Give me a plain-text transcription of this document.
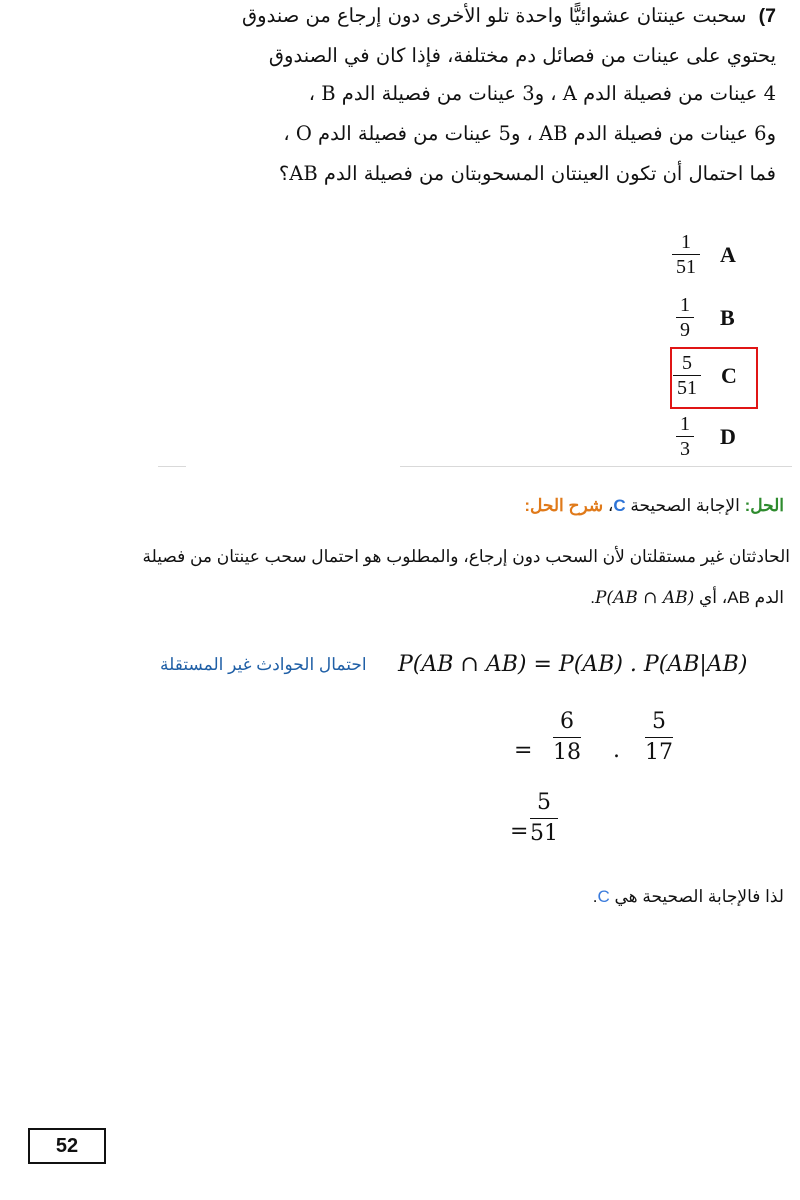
7) سحبت عينتان عشوائيًّا واحدة تلو الأخرى دون إرجاع من صندوق
يحتوي على عينات من فصائل دم مختلفة، فإذا كان في الصندوق
4 عينات من فصيلة الدم A ، و3 عينات من فصيلة الدم B ،
و6 عينات من فصيلة الدم AB ، و5 عينات من فصيلة الدم O ،
فما احتمال أن تكون العينتان المسحوبتان من فصيلة الدم AB؟
$\frac{1}{51}$ A
$\frac{1}{9}$ B
$\frac{5}{51}$ C
$\frac{1}{3}$ D
الحل: الإجابة الصحيحة C، شرح الحل:
الحادثتان غير مستقلتان لأن السحب دون إرجاع، والمطلوب هو احتمال سحب عينتان من فصيلة
الدم AB، أي P(AB ∩ AB).
احتمال الحوادث غير المستقلة P(AB ∩ AB) = P(AB) . P(AB|AB)
= $\frac{6}{18}$ . $\frac{5}{17}$
= $\frac{5}{51}$
لذا فالإجابة الصحيحة هي C.
52
